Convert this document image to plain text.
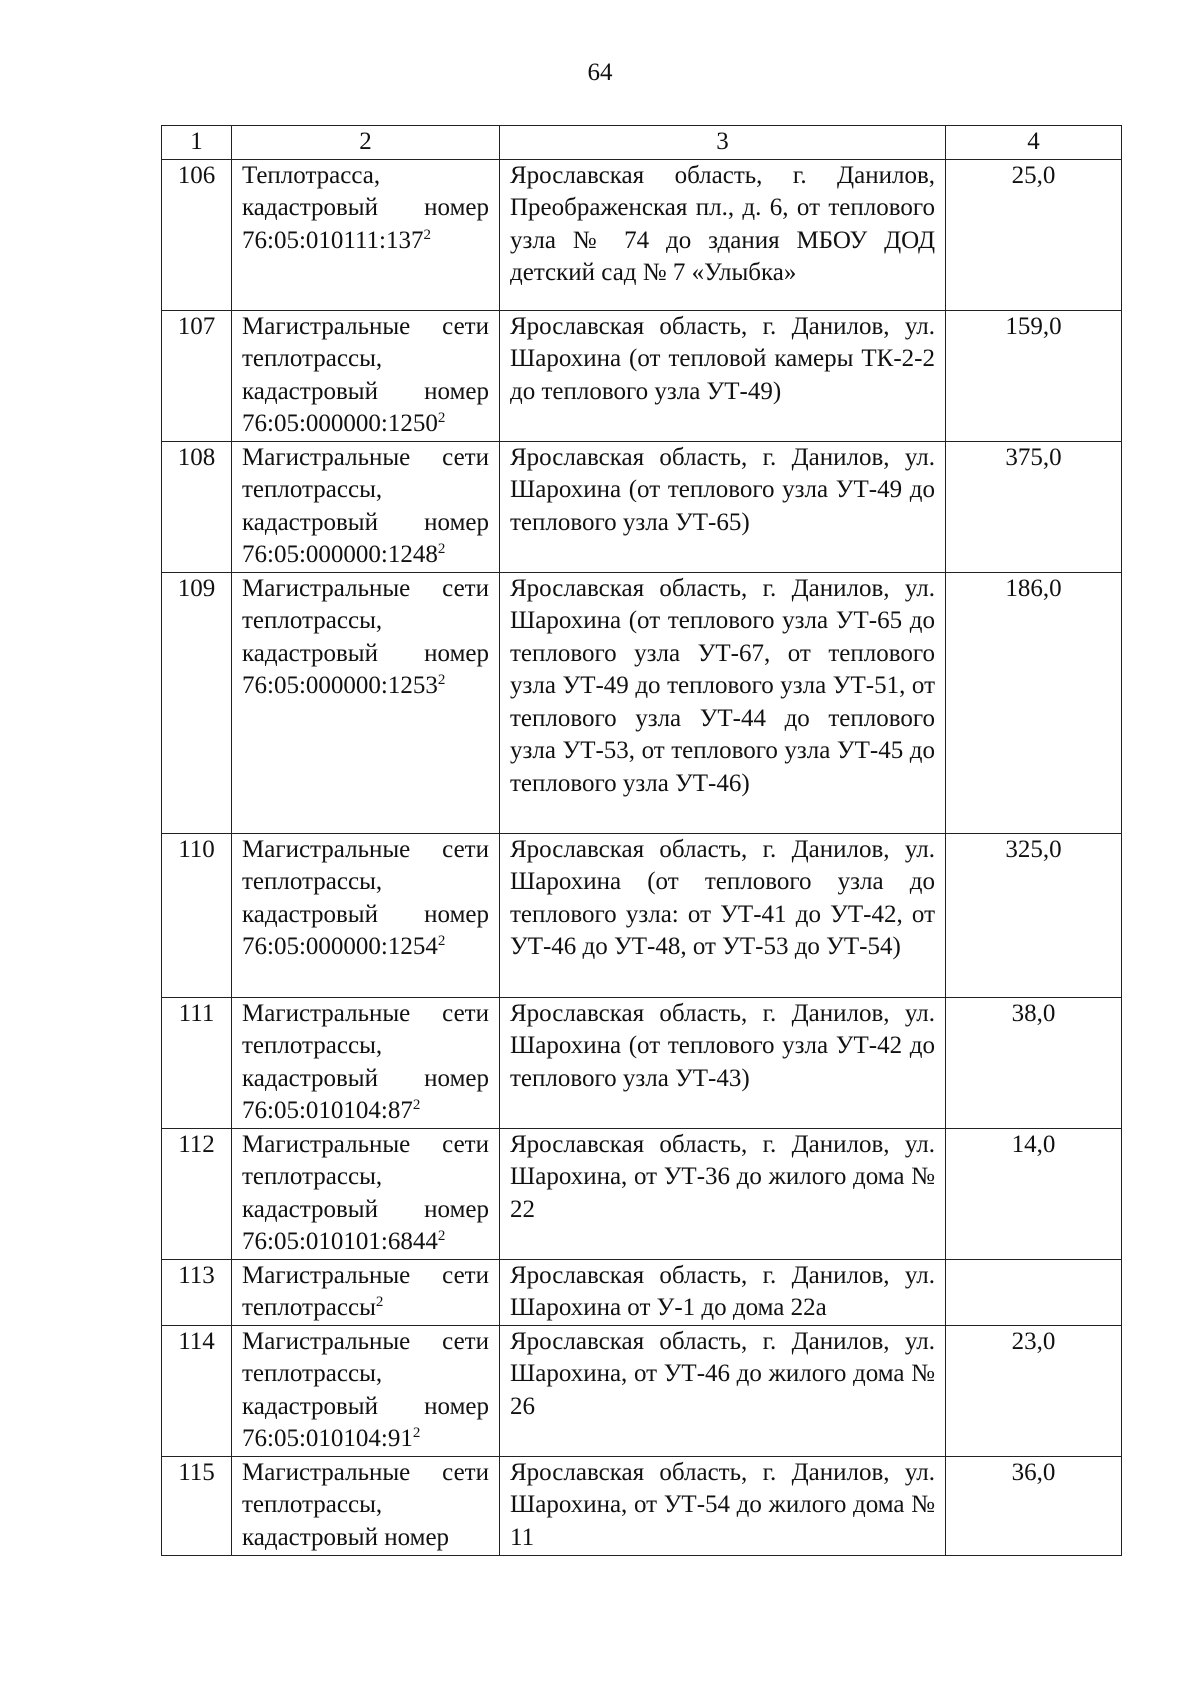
64
1	2	3	4
106	Теплотрасса, кадастровый номер $76:05:010111:137^2$	Ярославская область, г. Данилов, Преображенская пл., д. 6, от теплового узла № 74 до здания МБОУ ДОД детский сад № 7 «Улыбка»	25,0
107	Магистральные сети теплотрассы, кадастровый номер 76:05:000000:1250$^2$	Ярославская область, г. Данилов, ул. Шарохина (от тепловой камеры ТК-2-2 до теплового узла УТ-49)	159,0
108	Магистральные сети теплотрассы, кадастровый номер 76:05:000000:1248$^2$	Ярославская область, г. Данилов, ул. Шарохина (от теплового узла УТ-49 до теплового узла УТ-65)	375,0
109	Магистральные сети теплотрассы, кадастровый номер 76:05:000000:1253$^2$	Ярославская область, г. Данилов, ул. Шарохина (от теплового узла УТ-65 до теплового узла УТ-67, от теплового узла УТ-49 до теплового узла УТ-51, от теплового узла УТ-44 до теплового узла УТ-53, от теплового узла УТ-45 до теплового узла УТ-46)	186,0
110	Магистральные сети теплотрассы, кадастровый номер 76:05:000000:1254$^2$	Ярославская область, г. Данилов, ул. Шарохина (от теплового узла до теплового узла: от УТ-41 до УТ-42, от УТ-46 до УТ-48, от УТ-53 до УТ-54)	325,0
111	Магистральные сети теплотрассы, кадастровый номер $76:05:010104:87^2$	Ярославская область, г. Данилов, ул. Шарохина (от теплового узла УТ-42 до теплового узла УТ-43)	38,0
112	Магистральные сети теплотрассы, кадастровый номер 76:05:010101:6844$^2$	Ярославская область, г. Данилов, ул. Шарохина, от УТ-36 до жилого дома № 22	14,0
113	Магистральные сети теплотрассы$^2$	Ярославская область, г. Данилов, ул. Шарохина от У-1 до дома 22а	

114	Магистральные сети теплотрассы, кадастровый номер $76:05:010104:91^2$	Ярославская область, г. Данилов, ул. Шарохина, от УТ-46 до жилого дома № 26	23,0
115	Магистральные сети теплотрассы, кадастровый номер	Ярославская область, г. Данилов, ул. Шарохина, от УТ-54 до жилого дома № 11	36,0
